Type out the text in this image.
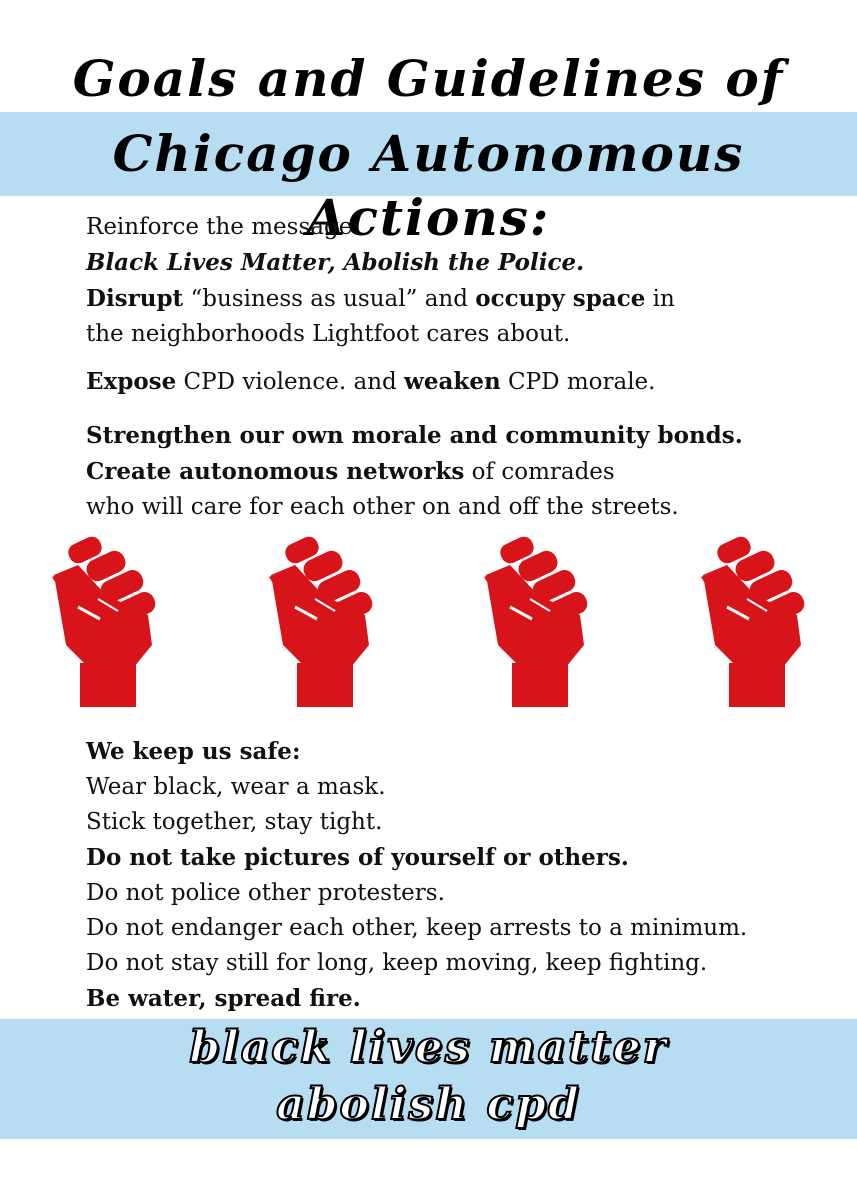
Goals and Guidelines of
Chicago Autonomous Actions:
Reinforce the message:
Black Lives Matter, Abolish the Police.
Disrupt “business as usual” and occupy space in
the neighborhoods Lightfoot cares about.
Expose CPD violence. and weaken CPD morale.
Strengthen our own morale and community bonds.
Create autonomous networks of comrades
who will care for each other on and off the streets.
We keep us safe:
Wear black, wear a mask.
Stick together, stay tight.
Do not take pictures of yourself or others.
Do not police other protesters.
Do not endanger each other, keep arrests to a minimum.
Do not stay still for long, keep moving, keep fighting.
Be water, spread fire.
black lives matter
abolish cpd
